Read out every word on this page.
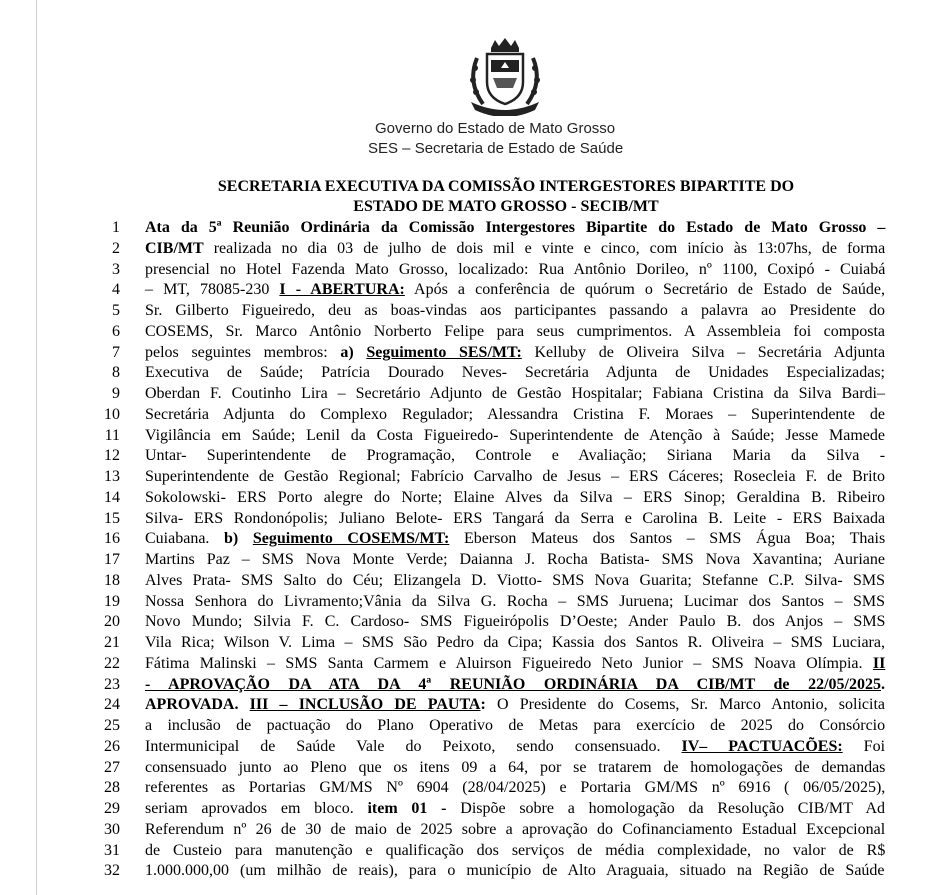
Governo do Estado de Mato Grosso
SES – Secretaria de Estado de Saúde
SECRETARIA EXECUTIVA DA COMISSÃO INTERGESTORES BIPARTITE DO
ESTADO DE MATO GROSSO - SECIB/MT
1 Ata da 5ª Reunião Ordinária da Comissão Intergestores Bipartite do Estado de Mato Grosso –
2 CIB/MT realizada no dia 03 de julho de dois mil e vinte e cinco, com início às 13:07hs, de forma
3 presencial no Hotel Fazenda Mato Grosso, localizado: Rua Antônio Dorileo, nº 1100, Coxipó - Cuiabá
4 – MT, 78085-230 I - ABERTURA: Após a conferência de quórum o Secretário de Estado de Saúde,
5 Sr. Gilberto Figueiredo, deu as boas-vindas aos participantes passando a palavra ao Presidente do
6 COSEMS, Sr. Marco Antônio Norberto Felipe para seus cumprimentos. A Assembleia foi composta
7 pelos seguintes membros: a) Seguimento SES/MT: Kelluby de Oliveira Silva – Secretária Adjunta
8 Executiva de Saúde; Patrícia Dourado Neves- Secretária Adjunta de Unidades Especializadas;
9 Oberdan F. Coutinho Lira – Secretário Adjunto de Gestão Hospitalar; Fabiana Cristina da Silva Bardi–
10 Secretária Adjunta do Complexo Regulador; Alessandra Cristina F. Moraes – Superintendente de
11 Vigilância em Saúde; Lenil da Costa Figueiredo- Superintendente de Atenção à Saúde; Jesse Mamede
12 Untar- Superintendente de Programação, Controle e Avaliação; Siriana Maria da Silva -
13 Superintendente de Gestão Regional; Fabrício Carvalho de Jesus – ERS Cáceres; Rosecleia F. de Brito
14 Sokolowski- ERS Porto alegre do Norte; Elaine Alves da Silva – ERS Sinop; Geraldina B. Ribeiro
15 Silva- ERS Rondonópolis; Juliano Belote- ERS Tangará da Serra e Carolina B. Leite - ERS Baixada
16 Cuiabana. b) Seguimento COSEMS/MT: Eberson Mateus dos Santos – SMS Água Boa; Thais
17 Martins Paz – SMS Nova Monte Verde; Daianna J. Rocha Batista- SMS Nova Xavantina; Auriane
18 Alves Prata- SMS Salto do Céu; Elizangela D. Viotto- SMS Nova Guarita; Stefanne C.P. Silva- SMS
19 Nossa Senhora do Livramento;Vânia da Silva G. Rocha – SMS Juruena; Lucimar dos Santos – SMS
20 Novo Mundo; Silvia F. C. Cardoso- SMS Figueirópolis D’Oeste; Ander Paulo B. dos Anjos – SMS
21 Vila Rica; Wilson V. Lima – SMS São Pedro da Cipa; Kassia dos Santos R. Oliveira – SMS Luciara,
22 Fátima Malinski – SMS Santa Carmem e Aluirson Figueiredo Neto Junior – SMS Noava Olímpia. II
23 - APROVAÇÃO DA ATA DA 4ª REUNIÃO ORDINÁRIA DA CIB/MT de 22/05/2025.
24 APROVADA. III – INCLUSÃO DE PAUTA: O Presidente do Cosems, Sr. Marco Antonio, solicita
25 a inclusão de pactuação do Plano Operativo de Metas para exercício de 2025 do Consórcio
26 Intermunicipal de Saúde Vale do Peixoto, sendo consensuado. IV– PACTUACÕES: Foi
27 consensuado junto ao Pleno que os itens 09 a 64, por se tratarem de homologações de demandas
28 referentes as Portarias GM/MS Nº 6904 (28/04/2025) e Portaria GM/MS nº 6916 ( 06/05/2025),
29 seriam aprovados em bloco. item 01 - Dispõe sobre a homologação da Resolução CIB/MT Ad
30 Referendum nº 26 de 30 de maio de 2025 sobre a aprovação do Cofinanciamento Estadual Excepcional
31 de Custeio para manutenção e qualificação dos serviços de média complexidade, no valor de R$
32 1.000.000,00 (um milhão de reais), para o município de Alto Araguaia, situado na Região de Saúde
